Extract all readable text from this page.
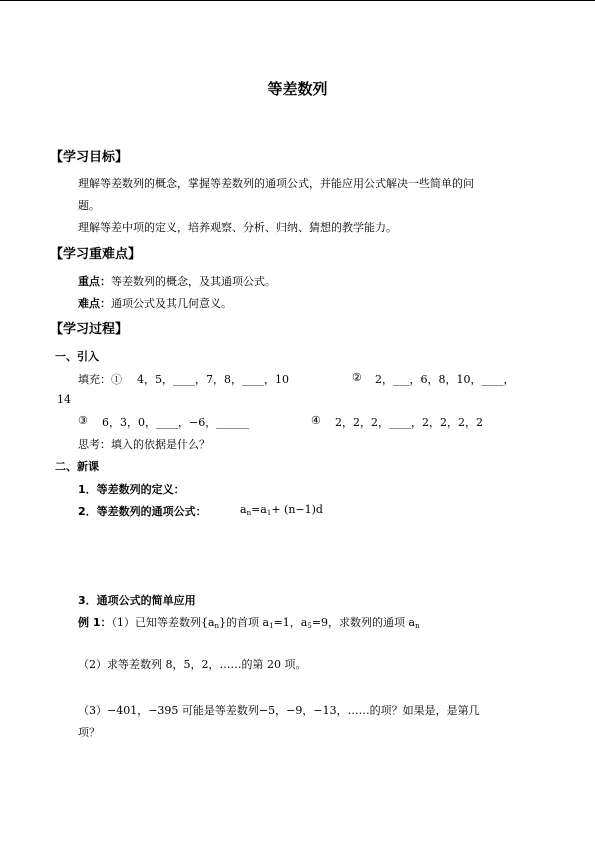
等差数列
【学习目标】
理解等差数列的概念，掌握等差数列的通项公式，并能应用公式解决一些简单的问
题。
理解等差中项的定义，培养观察、分析、归纳、猜想的教学能力。
【学习重难点】
重点：等差数列的概念，及其通项公式。
难点：通项公式及其几何意义。
【学习过程】
一、引入
填充：① 4，5，____，7，8，____，10	② 2，___，6，8，10，____，
14
③ 6，3，0，____，−6，______	④ 2，2，2，____，2，2，2，2
思考：填入的依据是什么？
二、新课
1．等差数列的定义：
2．等差数列的通项公式：	$a_n=a_1+ (n-1)d$
3．通项公式的简单应用
例 1：（1）已知等差数列$\{a_n\}$的首项 $a_1=1$，$a_5=9$，求数列的通项 $a_n$
（2）求等差数列 8，5，2，……的第 20 项。
（3）−401，−395 可能是等差数列−5，−9，−13，……的项？如果是，是第几
项？
